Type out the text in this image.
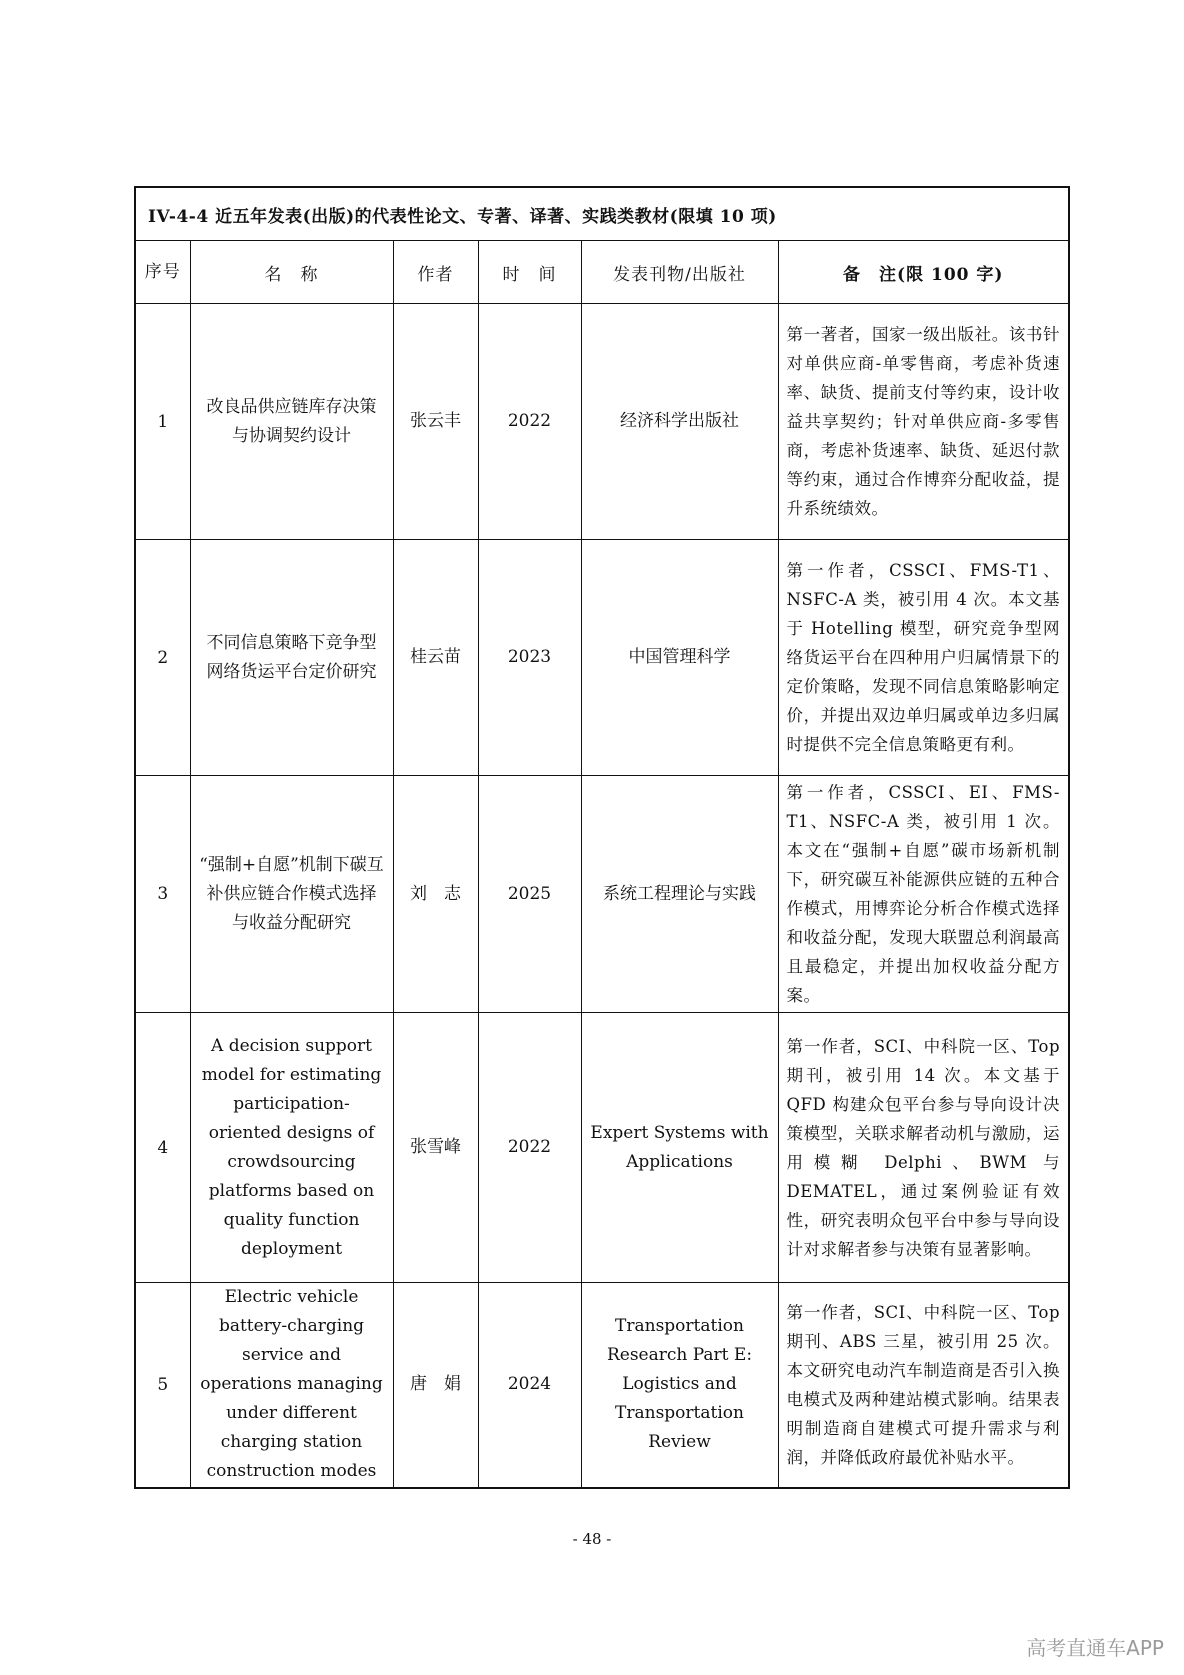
IV-4-4 近五年发表(出版)的代表性论文、专著、译著、实践类教材(限填 10 项)					
序号	名　称	作者	时　间	发表刊物/出版社	备　注(限 100 字)
1	改良品供应链库存决策与协调契约设计	张云丰	2022	经济科学出版社	第一著者，国家一级出版社。该书针对单供应商-单零售商，考虑补货速率、缺货、提前支付等约束，设计收益共享契约；针对单供应商-多零售商，考虑补货速率、缺货、延迟付款等约束，通过合作博弈分配收益，提升系统绩效。
2	不同信息策略下竞争型网络货运平台定价研究	桂云苗	2023	中国管理科学	第一作者，CSSCI、FMS-T1、NSFC-A 类，被引用 4 次。本文基于 Hotelling 模型，研究竞争型网络货运平台在四种用户归属情景下的定价策略，发现不同信息策略影响定价，并提出双边单归属或单边多归属时提供不完全信息策略更有利。
3	“强制+自愿”机制下碳互补供应链合作模式选择与收益分配研究	刘　志	2025	系统工程理论与实践	第一作者，CSSCI、EI、FMS-T1、NSFC-A 类，被引用 1 次。本文在“强制+自愿”碳市场新机制下，研究碳互补能源供应链的五种合作模式，用博弈论分析合作模式选择和收益分配，发现大联盟总利润最高且最稳定，并提出加权收益分配方案。
4	A decision support model for estimating participation-oriented designs of crowdsourcing platforms based on quality function deployment	张雪峰	2022	Expert Systems with Applications	第一作者，SCI、中科院一区、Top 期刊，被引用 14 次。本文基于 QFD 构建众包平台参与导向设计决策模型，关联求解者动机与激励，运用模糊 Delphi、BWM 与 DEMATEL，通过案例验证有效性，研究表明众包平台中参与导向设计对求解者参与决策有显著影响。
5	Electric vehicle battery-charging service and operations managing under different charging station construction modes	唐　娟	2024	Transportation Research Part E: Logistics and Transportation Review	第一作者，SCI、中科院一区、Top 期刊、ABS 三星，被引用 25 次。本文研究电动汽车制造商是否引入换电模式及两种建站模式影响。结果表明制造商自建模式可提升需求与利润，并降低政府最优补贴水平。
- 48 -
高考直通车APP
